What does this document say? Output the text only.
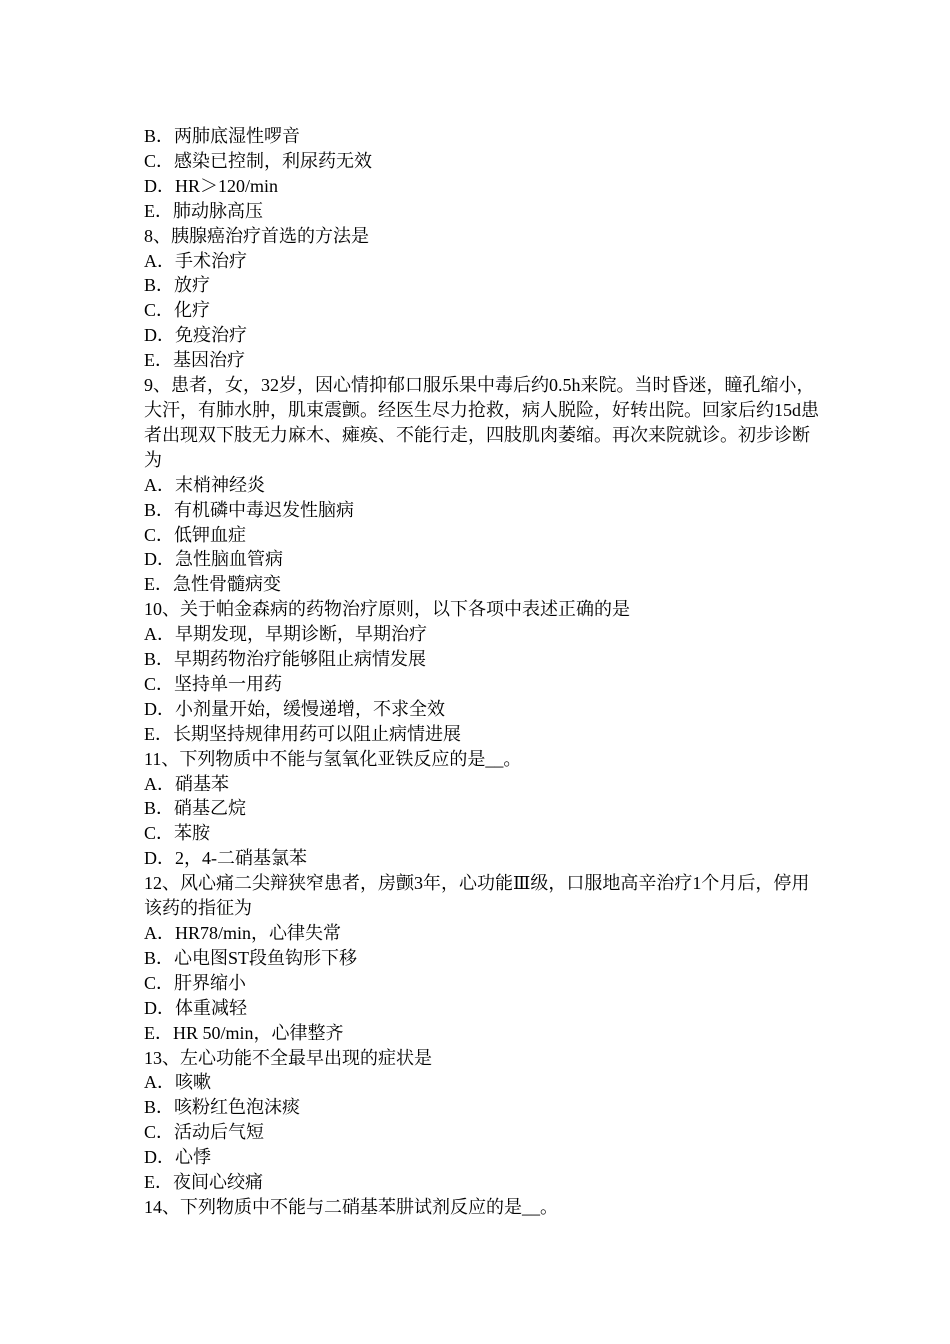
B．两肺底湿性啰音

C．感染已控制，利尿药无效

D．HR＞120/min

E．肺动脉高压

8、胰腺癌治疗首选的方法是

A．手术治疗

B．放疗

C．化疗

D．免疫治疗

E．基因治疗

9、患者，女，32岁，因心情抑郁口服乐果中毒后约0.5h来院。当时昏迷，瞳孔缩小，大汗，有肺水肿，肌束震颤。经医生尽力抢救，病人脱险，好转出院。回家后约15d患者出现双下肢无力麻木、瘫痪、不能行走，四肢肌肉萎缩。再次来院就诊。初步诊断为

A．末梢神经炎

B．有机磷中毒迟发性脑病

C．低钾血症

D．急性脑血管病

E．急性骨髓病变

10、关于帕金森病的药物治疗原则，以下各项中表述正确的是

A．早期发现，早期诊断，早期治疗

B．早期药物治疗能够阻止病情发展

C．坚持单一用药

D．小剂量开始，缓慢递增，不求全效

E．长期坚持规律用药可以阻止病情进展

11、下列物质中不能与氢氧化亚铁反应的是__。

A．硝基苯

B．硝基乙烷

C．苯胺

D．2，4-二硝基氯苯

12、风心痛二尖辩狭窄患者，房颤3年，心功能Ⅲ级，口服地高辛治疗1个月后，停用该药的指征为

A．HR78/min，心律失常

B．心电图ST段鱼钩形下移

C．肝界缩小

D．体重减轻

E．HR 50/min，心律整齐

13、左心功能不全最早出现的症状是

A．咳嗽

B．咳粉红色泡沫痰

C．活动后气短

D．心悸

E．夜间心绞痛

14、下列物质中不能与二硝基苯肼试剂反应的是__。
